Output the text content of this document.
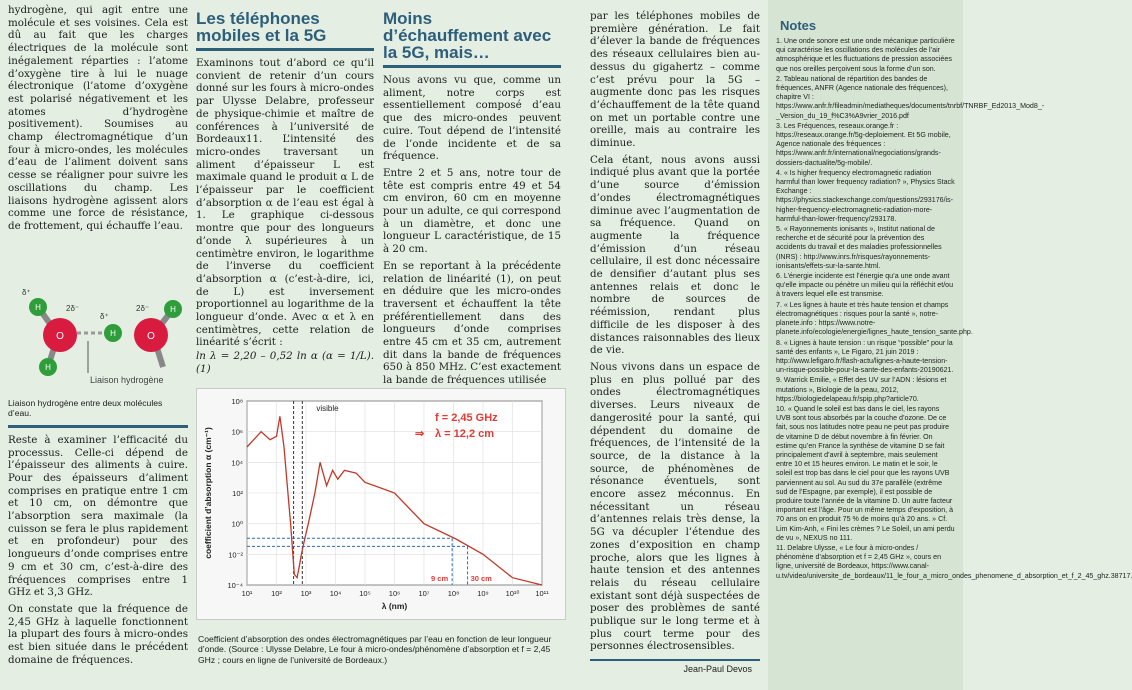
hydrogène, qui agit entre une molécule et ses voisines. Cela est dû au fait que les charges électriques de la molécule sont inégalement réparties : l’atome d’oxygène tire à lui le nuage électronique (l’atome d’oxygène est polarisé négativement et les atomes d’hydrogène positivement). Soumises au champ électromagnétique d’un four à micro-ondes, les molécules d’eau de l’aliment doivent sans cesse se réaligner pour suivre les oscillations du champ. Les liaisons hydrogène agissent alors comme une force de résistance, de frottement, qui échauffe l’eau.

O	O
H
H
H
H
δ⁺
2δ⁻	2δ⁻
δ⁺
Liaison hydrogène
Liaison hydrogène entre deux molécules d’eau.

Reste à examiner l’efficacité du processus. Celle-ci dépend de l’épaisseur des aliments à cuire. Pour des épaisseurs d’aliment comprises en pratique entre 1 cm et 10 cm, on démontre que l’absorption sera maximale (la cuisson se fera le plus rapidement et en profondeur) pour des longueurs d’onde comprises entre 9 cm et 30 cm, c’est-à-dire des fréquences comprises entre 1 GHz et 3,3 GHz.

On constate que la fréquence de 2,45 GHz à laquelle fonctionnent la plupart des fours à micro-ondes est bien située dans le précédent domaine de fréquences.

Les téléphones mobiles et la 5G

Examinons tout d’abord ce qu’il convient de retenir d’un cours donné sur les fours à micro-ondes par Ulysse Delabre, professeur de physique-chimie et maître de conférences à l’université de Bordeaux11. L’intensité des micro-ondes traversant un aliment d’épaisseur L est maximale quand le produit α L de l’épaisseur par le coefficient d’absorption α de l’eau est égal à 1. Le graphique ci-dessous montre que pour des longueurs d’onde λ supérieures à un centimètre environ, le logarithme de l’inverse du coefficient d’absorption α (c’est-à-dire, ici, de L) est inversement proportionnel au logarithme de la longueur d’onde. Avec α et λ en centimètres, cette relation de linéarité s’écrit :

ln λ = 2,20 – 0,52 ln α (α = 1/L). (1)

Moins d’échauffement avec la 5G, mais…

Nous avons vu que, comme un aliment, notre corps est essentiellement composé d’eau que des micro-ondes peuvent cuire. Tout dépend de l’intensité de l’onde incidente et de sa fréquence.

Entre 2 et 5 ans, notre tour de tête est compris entre 49 et 54 cm environ, 60 cm en moyenne pour un adulte, ce qui correspond à un diamètre, et donc une longueur L caractéristique, de 15 à 20 cm.

En se reportant à la précédente relation de linéarité (1), on peut en déduire que les micro-ondes traversent et échauffent la tête préférentiellement dans des longueurs d’onde comprises entre 45 cm et 35 cm, autrement dit dans la bande de fréquences 650 à 850 MHz. C’est exactement la bande de fréquences utilisée

par les téléphones mobiles de première génération. Le fait d’élever la bande de fréquences des réseaux cellulaires bien au-dessus du gigahertz – comme c’est prévu pour la 5G – augmente donc pas les risques d’échauffement de la tête quand on met un portable contre une oreille, mais au contraire les diminue.

Cela étant, nous avons aussi indiqué plus avant que la portée d’une source d’émission d’ondes électromagnétiques diminue avec l’augmentation de sa fréquence. Quand on augmente la fréquence d’émission d’un réseau cellulaire, il est donc nécessaire de densifier d’autant plus ses antennes relais et donc le nombre de sources de réémission, rendant plus difficile de les disposer à des distances raisonnables des lieux de vie.

Nous vivons dans un espace de plus en plus pollué par des ondes électromagnétiques diverses. Leurs niveaux de dangerosité pour la santé, qui dépendent du domaine de fréquences, de l’intensité de la source, de la distance à la source, de phénomènes de résonance éventuels, sont encore assez méconnus. En nécessitant un réseau d’antennes relais très dense, la 5G va décupler l’étendue des zones d’exposition en champ proche, alors que les lignes à haute tension et des antennes relais du réseau cellulaire existant sont déjà suspectées de poser des problèmes de santé publique sur le long terme et à plus court terme pour des personnes électrosensibles.

Jean-Paul Devos
Notes
1. Une onde sonore est une onde mécanique particulière qui caractérise les oscillations des molécules de l’air atmosphérique et les fluctuations de pression associées que nos oreilles perçoivent sous la forme d’un son.
2. Tableau national de répartition des bandes de fréquences, ANFR (Agence nationale des fréquences), chapitre VI : https://www.anfr.fr/fileadmin/mediatheques/documents/tnrbf/TNRBF_Ed2013_Mod8_-_Version_du_19_f%C3%A9vrier_2016.pdf
3. Les Fréquences, reseaux.orange.fr : https://reseaux.orange.fr/5g-deploiement. Et 5G mobile, Agence nationale des fréquences : https://www.anfr.fr/international/negociations/grands-dossiers-dactualite/5g-mobile/.
4. « Is higher frequency electromagnetic radiation harmful than lower frequency radiation? », Physics Stack Exchange : https://physics.stackexchange.com/questions/293176/is-higher-frequency-electromagnetic-radiation-more-harmful-than-lower-frequency/293178.
5. « Rayonnements ionisants », Institut national de recherche et de sécurité pour la prévention des accidents du travail et des maladies professionnelles (INRS) : http://www.inrs.fr/risques/rayonnements-ionisants/effets-sur-la-sante.html.
6. L’énergie incidente est l’énergie qu’a une onde avant qu’elle impacte ou pénètre un milieu qui la réfléchit et/ou à travers lequel elle est transmise.
7. « Les lignes à haute et très haute tension et champs électromagnétiques : risques pour la santé », notre-planete.info : https://www.notre-planete.info/ecologie/energie/lignes_haute_tension_sante.php.
8. « Lignes à haute tension : un risque “possible” pour la santé des enfants », Le Figaro, 21 juin 2019 : http://www.lefigaro.fr/flash-actu/lignes-a-haute-tension-un-risque-possible-pour-la-sante-des-enfants-20190621.
9. Warrick Emilie, « Effet des UV sur l’ADN : lésions et mutations », Biologie de la peau, 2012, https://biologiedelapeau.fr/spip.php?article70.
10. « Quand le soleil est bas dans le ciel, les rayons UVB sont tous absorbés par la couche d’ozone. De ce fait, sous nos latitudes notre peau ne peut pas produire de vitamine D de début novembre à fin février. On estime qu’en France la synthèse de vitamine D se fait principalement d’avril à septembre, mais seulement entre 10 et 15 heures environ. Le matin et le soir, le soleil est trop bas dans le ciel pour que les rayons UVB parviennent au sol. Au sud du 37e parallèle (extrême sud de l’Espagne, par exemple), il est possible de produire toute l’année de la vitamine D. Un autre facteur important est l’âge. Pour un même temps d’exposition, à 70 ans on en produit 75 % de moins qu’à 20 ans. » Cf. Lim Kim-Anh, « Fini les crèmes ? Le Soleil, un ami perdu de vu », NEXUS no 111.
11. Delabre Ulysse, « Le four à micro-ondes / phénomène d’absorption et f = 2,45 GHz », cours en ligne, université de Bordeaux, https://www.canal-u.tv/video/universite_de_bordeaux/11_le_four_a_micro_ondes_phenomene_d_absorption_et_f_2_45_ghz.38717.
10¹ 10² 10³ 10⁴ 10⁵ 10⁶ 10⁷ 10⁸ 10⁹ 10¹⁰ 10¹¹
10⁻⁴
10⁻²
10⁰
10²
10⁴
10⁶
10⁸
λ (nm)
coefficient d’absorption α (cm⁻¹)
visible
9 cm	30 cm
f = 2,45 GHz
⇒ λ = 12,2 cm
Coefficient d’absorption des ondes électromagnétiques par l’eau en fonction de leur longueur d’onde. (Source : Ulysse Delabre, Le four à micro-ondes/phénomène d’absorption et f = 2,45 GHz ; cours en ligne de l’université de Bordeaux.)
